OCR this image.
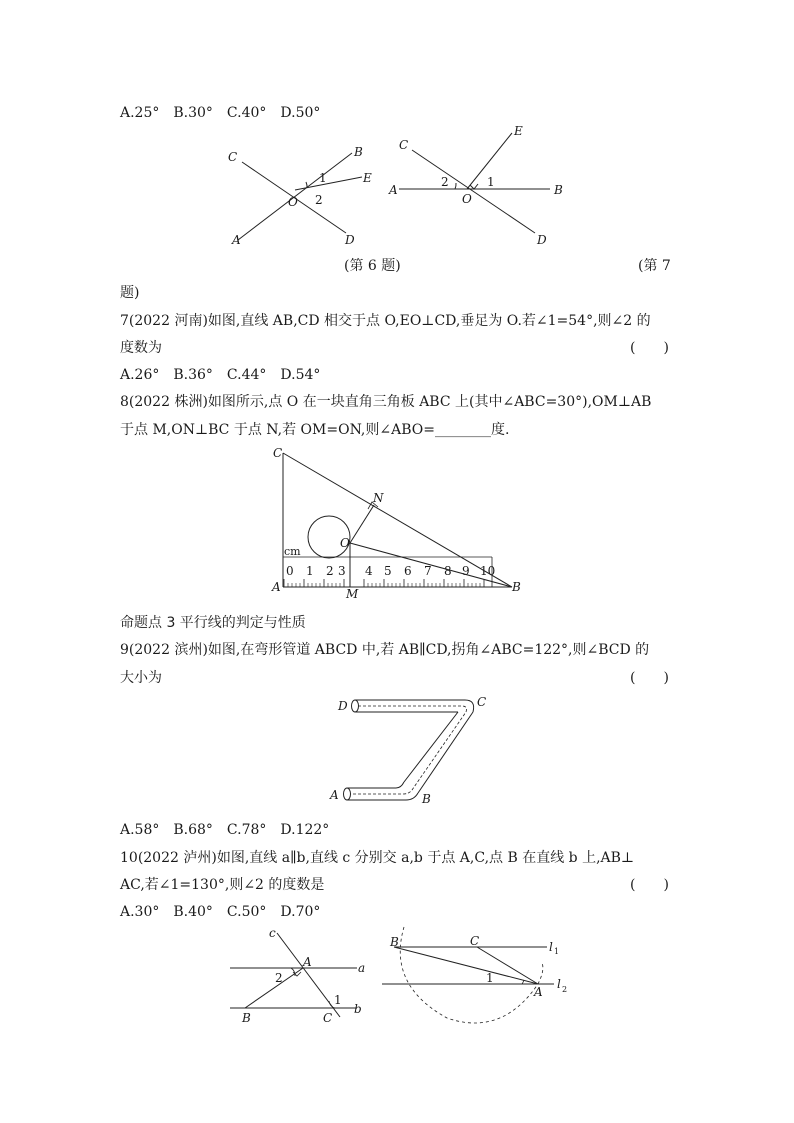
A.25°　B.30°　C.40°　D.50°
C	B
E
O
A	D
1
2
C
E
A	B
O
D
1
2
(第 6 题)	(第 7
题)
7(2022 河南)如图,直线 AB,CD 相交于点 O,EO⊥CD,垂足为 O.若∠1=54°,则∠2 的
度数为	(　　)
A.26°　B.36°　C.44°　D.54°
8(2022 株洲)如图所示,点 O 在一块直角三角板 ABC 上(其中∠ABC=30°),OM⊥AB
于点 M,ON⊥BC 于点 N,若 OM=ON,则∠ABO=________度.
0 1 2 3 4 5 6 7 8 9 10
C
N
O
A	M	B
cm
命题点 3 平行线的判定与性质
9(2022 滨州)如图,在弯形管道 ABCD 中,若 AB∥CD,拐角∠ABC=122°,则∠BCD 的
大小为	(　　)
D	C
A	B
A.58°　B.68°　C.78°　D.122°
10(2022 泸州)如图,直线 a∥b,直线 c 分别交 a,b 于点 A,C,点 B 在直线 b 上,AB⊥
AC,若∠1=130°,则∠2 的度数是	(　　)
A.30°　B.40°　C.50°　D.70°
c
A	a
2
1
B	C
b
B	C	l 1
1
A
l 2
